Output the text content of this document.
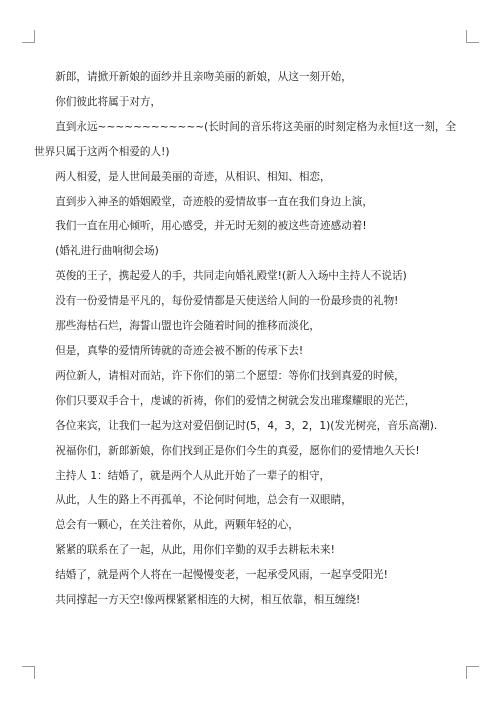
新郎，请掀开新娘的面纱并且亲吻美丽的新娘，从这一刻开始，

你们彼此将属于对方，

直到永远~~~~~~~~~~~~(长时间的音乐将这美丽的时刻定格为永恒!这一刻，全世界只属于这两个相爱的人!)

两人相爱，是人世间最美丽的奇迹，从相识、相知、相恋，

直到步入神圣的婚姻殿堂，奇迹般的爱情故事一直在我们身边上演，

我们一直在用心倾听，用心感受，并无时无刻的被这些奇迹感动着!

(婚礼进行曲响彻会场)

英俊的王子，携起爱人的手，共同走向婚礼殿堂!(新人入场中主持人不说话)

没有一份爱情是平凡的，每份爱情都是天使送给人间的一份最珍贵的礼物!

那些海枯石烂，海誓山盟也许会随着时间的推移而淡化，

但是，真挚的爱情所铸就的奇迹会被不断的传承下去!

两位新人，请相对而站，许下你们的第二个愿望：等你们找到真爱的时候，

你们只要双手合十，虔诚的祈祷，你们的爱情之树就会发出璀璨耀眼的光芒，

各位来宾，让我们一起为这对爱侣倒记时(5，4，3，2，1)(发光树亮，音乐高潮).

祝福你们，新郎新娘，你们找到正是你们今生的真爱，愿你们的爱情地久天长!

主持人 1：结婚了，就是两个人从此开始了一辈子的相守，

从此，人生的路上不再孤单，不论何时何地，总会有一双眼睛，

总会有一颗心，在关注着你，从此，两颗年轻的心，

紧紧的联系在了一起，从此，用你们辛勤的双手去耕耘未来!

结婚了，就是两个人将在一起慢慢变老，一起承受风雨，一起享受阳光!

共同撑起一方天空!像两棵紧紧相连的大树，相互依靠，相互缠绕!
